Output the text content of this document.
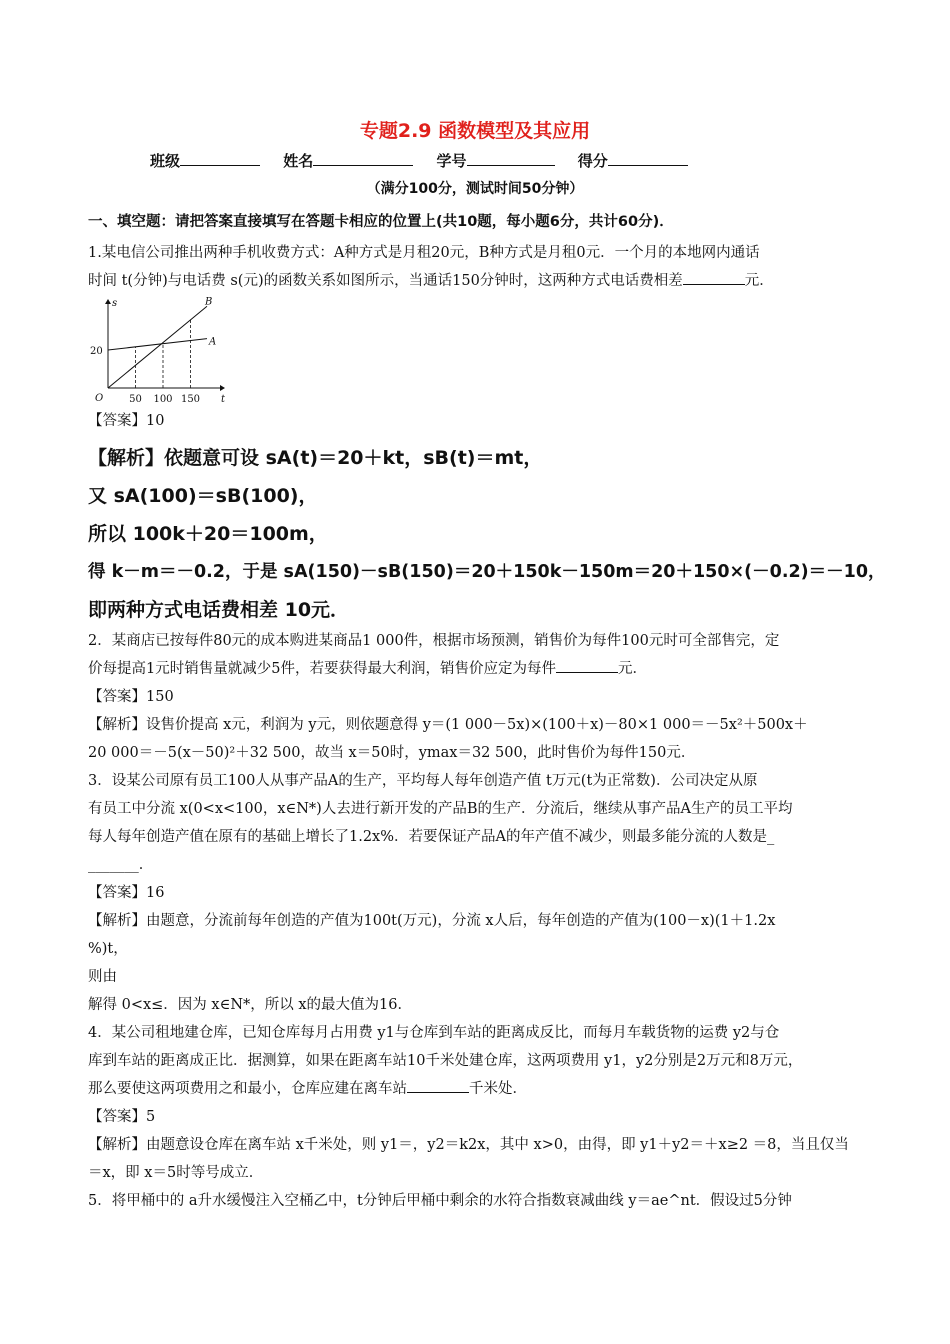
专题2.9 函数模型及其应用
班级	姓名	学号	得分
（满分100分，测试时间50分钟）
一、填空题：请把答案直接填写在答题卡相应的位置上(共10题，每小题6分，共计60分)．
1.某电信公司推出两种手机收费方式：A种方式是月租20元，B种方式是月租0元．一个月的本地网内通话
时间 t(分钟)与电话费 s(元)的函数关系如图所示，当通话150分钟时，这两种方式电话费相差	元．
s
t
O
20
50 100 150
A
B
【答案】10
【解析】依题意可设 sA(t)＝20＋kt，sB(t)＝mt，
又 sA(100)＝sB(100)，
所以 100k＋20＝100m，
得 k－m＝－0.2，于是 sA(150)－sB(150)＝20＋150k－150m＝20＋150×(－0.2)＝－10，
即两种方式电话费相差 10元．
2．某商店已按每件80元的成本购进某商品1 000件，根据市场预测，销售价为每件100元时可全部售完，定
价每提高1元时销售量就减少5件，若要获得最大利润，销售价应定为每件	元．
【答案】150
【解析】设售价提高 x元，利润为 y元，则依题意得 y＝(1 000－5x)×(100＋x)－80×1 000＝－5x²＋500x＋
20 000＝－5(x－50)²＋32 500，故当 x＝50时，ymax＝32 500，此时售价为每件150元．
3．设某公司原有员工100人从事产品A的生产，平均每人每年创造产值 t万元(t为正常数)．公司决定从原
有员工中分流 x(0<x<100，x∈N*)人去进行新开发的产品B的生产．分流后，继续从事产品A生产的员工平均
每人每年创造产值在原有的基础上增长了1.2x%．若要保证产品A的年产值不减少，则最多能分流的人数是_
_______．
【答案】16
【解析】由题意，分流前每年创造的产值为100t(万元)，分流 x人后，每年创造的产值为(100－x)(1＋1.2x
%)t，
则由
解得 0<x≤．因为 x∈N*，所以 x的最大值为16．
4．某公司租地建仓库，已知仓库每月占用费 y1与仓库到车站的距离成反比，而每月车载货物的运费 y2与仓
库到车站的距离成正比．据测算，如果在距离车站10千米处建仓库，这两项费用 y1，y2分别是2万元和8万元，
那么要使这两项费用之和最小，仓库应建在离车站	千米处．
【答案】5
【解析】由题意设仓库在离车站 x千米处，则 y1＝，y2＝k2x，其中 x>0，由得，即 y1＋y2＝＋x≥2 ＝8，当且仅当
＝x，即 x＝5时等号成立．
5．将甲桶中的 a升水缓慢注入空桶乙中，t分钟后甲桶中剩余的水符合指数衰减曲线 y＝ae^nt．假设过5分钟
